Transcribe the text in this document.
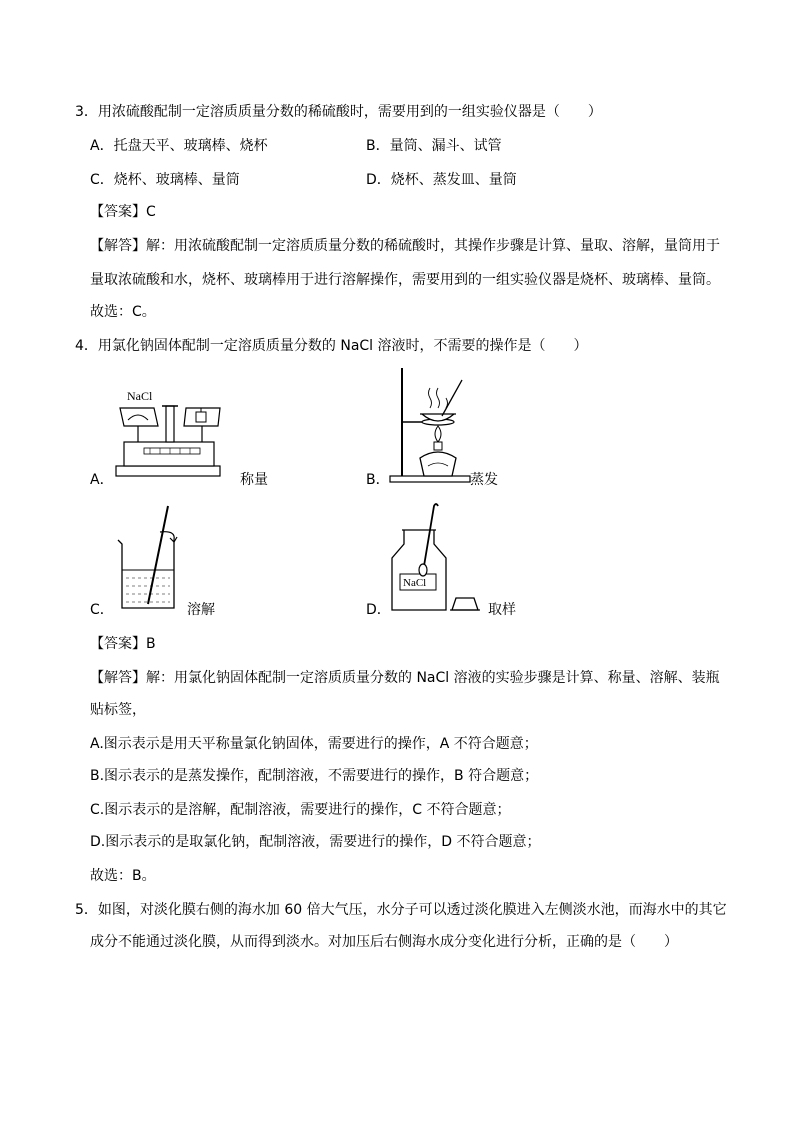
3．用浓硫酸配制一定溶质质量分数的稀硫酸时，需要用到的一组实验仪器是（　　）
A．托盘天平、玻璃棒、烧杯	B．量筒、漏斗、试管
C．烧杯、玻璃棒、量筒	D．烧杯、蒸发皿、量筒
【答案】C
【解答】解：用浓硫酸配制一定溶质质量分数的稀硫酸时，其操作步骤是计算、量取、溶解，量筒用于
量取浓硫酸和水，烧杯、玻璃棒用于进行溶解操作，需要用到的一组实验仪器是烧杯、玻璃棒、量筒。
故选：C。
4．用氯化钠固体配制一定溶质质量分数的 NaCl 溶液时，不需要的操作是（　　）
NaCl
A．	称量	B．	蒸发
C．	溶解
NaCl
D．	取样
【答案】B
【解答】解：用氯化钠固体配制一定溶质质量分数的 NaCl 溶液的实验步骤是计算、称量、溶解、装瓶
贴标签，
A.图示表示是用天平称量氯化钠固体，需要进行的操作，A 不符合题意；
B.图示表示的是蒸发操作，配制溶液，不需要进行的操作，B 符合题意；
C.图示表示的是溶解，配制溶液，需要进行的操作，C 不符合题意；
D.图示表示的是取氯化钠，配制溶液，需要进行的操作，D 不符合题意；
故选：B。
5．如图，对淡化膜右侧的海水加 60 倍大气压，水分子可以透过淡化膜进入左侧淡水池，而海水中的其它
成分不能通过淡化膜，从而得到淡水。对加压后右侧海水成分变化进行分析，正确的是（　　）
